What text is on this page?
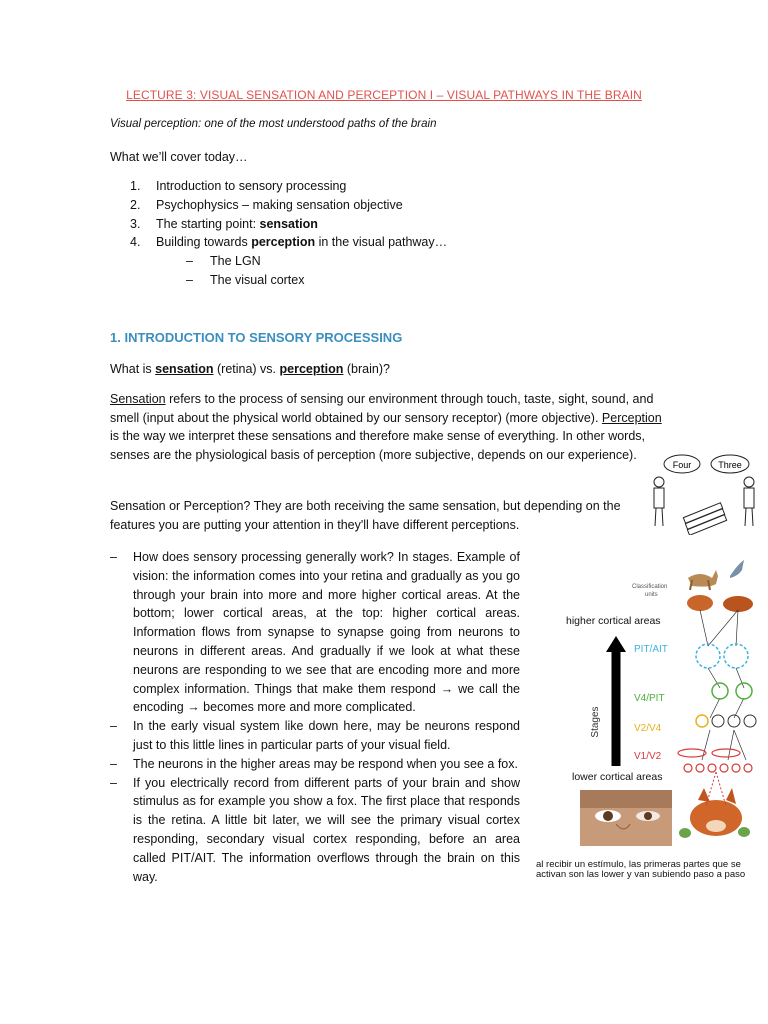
LECTURE 3: VISUAL SENSATION AND PERCEPTION I – VISUAL PATHWAYS IN THE BRAIN
Visual perception: one of the most understood paths of the brain
What we’ll cover today…
1. Introduction to sensory processing
2. Psychophysics – making sensation objective
3. The starting point: sensation
4. Building towards perception in the visual pathway…
– The LGN
– The visual cortex
1. INTRODUCTION TO SENSORY PROCESSING
What is sensation (retina) vs. perception (brain)?
Sensation refers to the process of sensing our environment through touch, taste, sight, sound, and smell (input about the physical world obtained by our sensory receptor) (more objective). Perception is the way we interpret these sensations and therefore make sense of everything. In other words, senses are the physiological basis of perception (more subjective, depends on our experience).
Four	Three
Sensation or Perception? They are both receiving the same sensation, but depending on the features you are putting your attention in they'll have different perceptions.
– How does sensory processing generally work? In stages. Example of vision: the information comes into your retina and gradually as you go through your brain into more and more higher cortical areas. At the bottom; lower cortical areas, at the top: higher cortical areas. Information flows from synapse to synapse going from neurons to neurons in different areas. And gradually if we look at what these neurons are responding to we see that are encoding more and more complex information. Things that make them respond → we call the encoding → becomes more and more complicated.
– In the early visual system like down here, may be neurons respond just to this little lines in particular parts of your visual field.
– The neurons in the higher areas may be respond when you see a fox.
– If you electrically record from different parts of your brain and show stimulus as for example you show a fox. The first place that responds is the retina. A little bit later, we will see the primary visual cortex responding, secondary visual cortex responding, before an area called PIT/AIT. The information overflows through the brain on this way.
Classification
units
higher cortical areas
Stages
PIT/AIT
V4/PIT
V2/V4
V1/V2
lower cortical areas
al recibir un estímulo, las primeras partes que se activan son las lower y van subiendo paso a paso
